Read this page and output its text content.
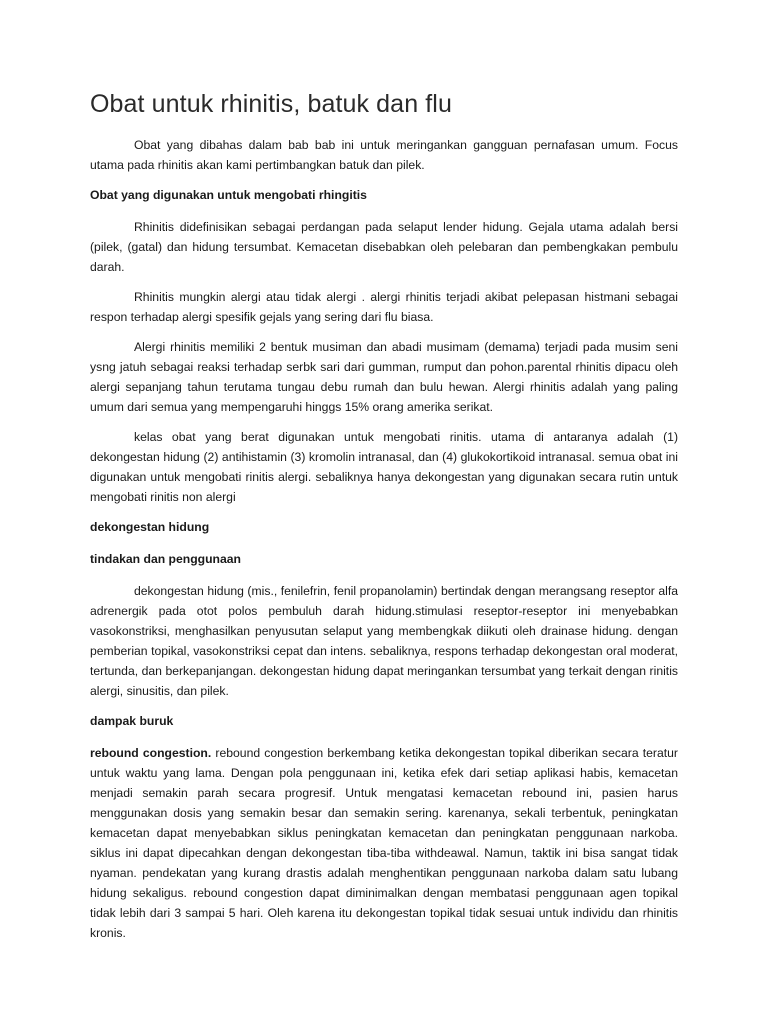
Obat untuk rhinitis, batuk dan flu

Obat yang dibahas dalam bab bab ini untuk meringankan gangguan pernafasan umum. Focus utama pada rhinitis akan kami pertimbangkan batuk dan pilek.

Obat yang digunakan untuk mengobati rhingitis

Rhinitis didefinisikan sebagai perdangan pada selaput lender hidung. Gejala utama adalah bersi (pilek, (gatal) dan hidung tersumbat. Kemacetan disebabkan oleh pelebaran dan pembengkakan pembulu darah.

Rhinitis mungkin alergi atau tidak alergi . alergi rhinitis terjadi akibat pelepasan histmani sebagai respon terhadap alergi spesifik gejals yang sering dari flu biasa.

Alergi rhinitis memiliki 2 bentuk musiman dan abadi musimam (demama) terjadi pada musim seni ysng jatuh sebagai reaksi terhadap serbk sari dari gumman, rumput dan pohon.parental rhinitis dipacu oleh alergi sepanjang tahun terutama tungau debu rumah dan bulu hewan. Alergi rhinitis adalah yang paling umum dari semua yang mempengaruhi hinggs 15% orang amerika serikat.

kelas obat yang berat digunakan untuk mengobati rinitis. utama di antaranya adalah (1) dekongestan hidung (2) antihistamin (3) kromolin intranasal, dan (4) glukokortikoid intranasal. semua obat ini digunakan untuk mengobati rinitis alergi. sebaliknya hanya dekongestan yang digunakan secara rutin untuk mengobati rinitis non alergi

dekongestan hidung

tindakan dan penggunaan

dekongestan hidung (mis., fenilefrin, fenil propanolamin) bertindak dengan merangsang reseptor alfa adrenergik pada otot polos pembuluh darah hidung.stimulasi reseptor-reseptor ini menyebabkan vasokonstriksi, menghasilkan penyusutan selaput yang membengkak diikuti oleh drainase hidung. dengan pemberian topikal, vasokonstriksi cepat dan intens. sebaliknya, respons terhadap dekongestan oral moderat, tertunda, dan berkepanjangan. dekongestan hidung dapat meringankan tersumbat yang terkait dengan rinitis alergi, sinusitis, dan pilek.

dampak buruk

rebound congestion. rebound congestion berkembang ketika dekongestan topikal diberikan secara teratur untuk waktu yang lama. Dengan pola penggunaan ini, ketika efek dari setiap aplikasi habis, kemacetan menjadi semakin parah secara progresif. Untuk mengatasi kemacetan rebound ini, pasien harus menggunakan dosis yang semakin besar dan semakin sering. karenanya, sekali terbentuk, peningkatan kemacetan dapat menyebabkan siklus peningkatan kemacetan dan peningkatan penggunaan narkoba. siklus ini dapat dipecahkan dengan dekongestan tiba-tiba withdeawal. Namun, taktik ini bisa sangat tidak nyaman. pendekatan yang kurang drastis adalah menghentikan penggunaan narkoba dalam satu lubang hidung sekaligus. rebound congestion dapat diminimalkan dengan membatasi penggunaan agen topikal tidak lebih dari 3 sampai 5 hari. Oleh karena itu dekongestan topikal tidak sesuai untuk individu dan rhinitis kronis.
